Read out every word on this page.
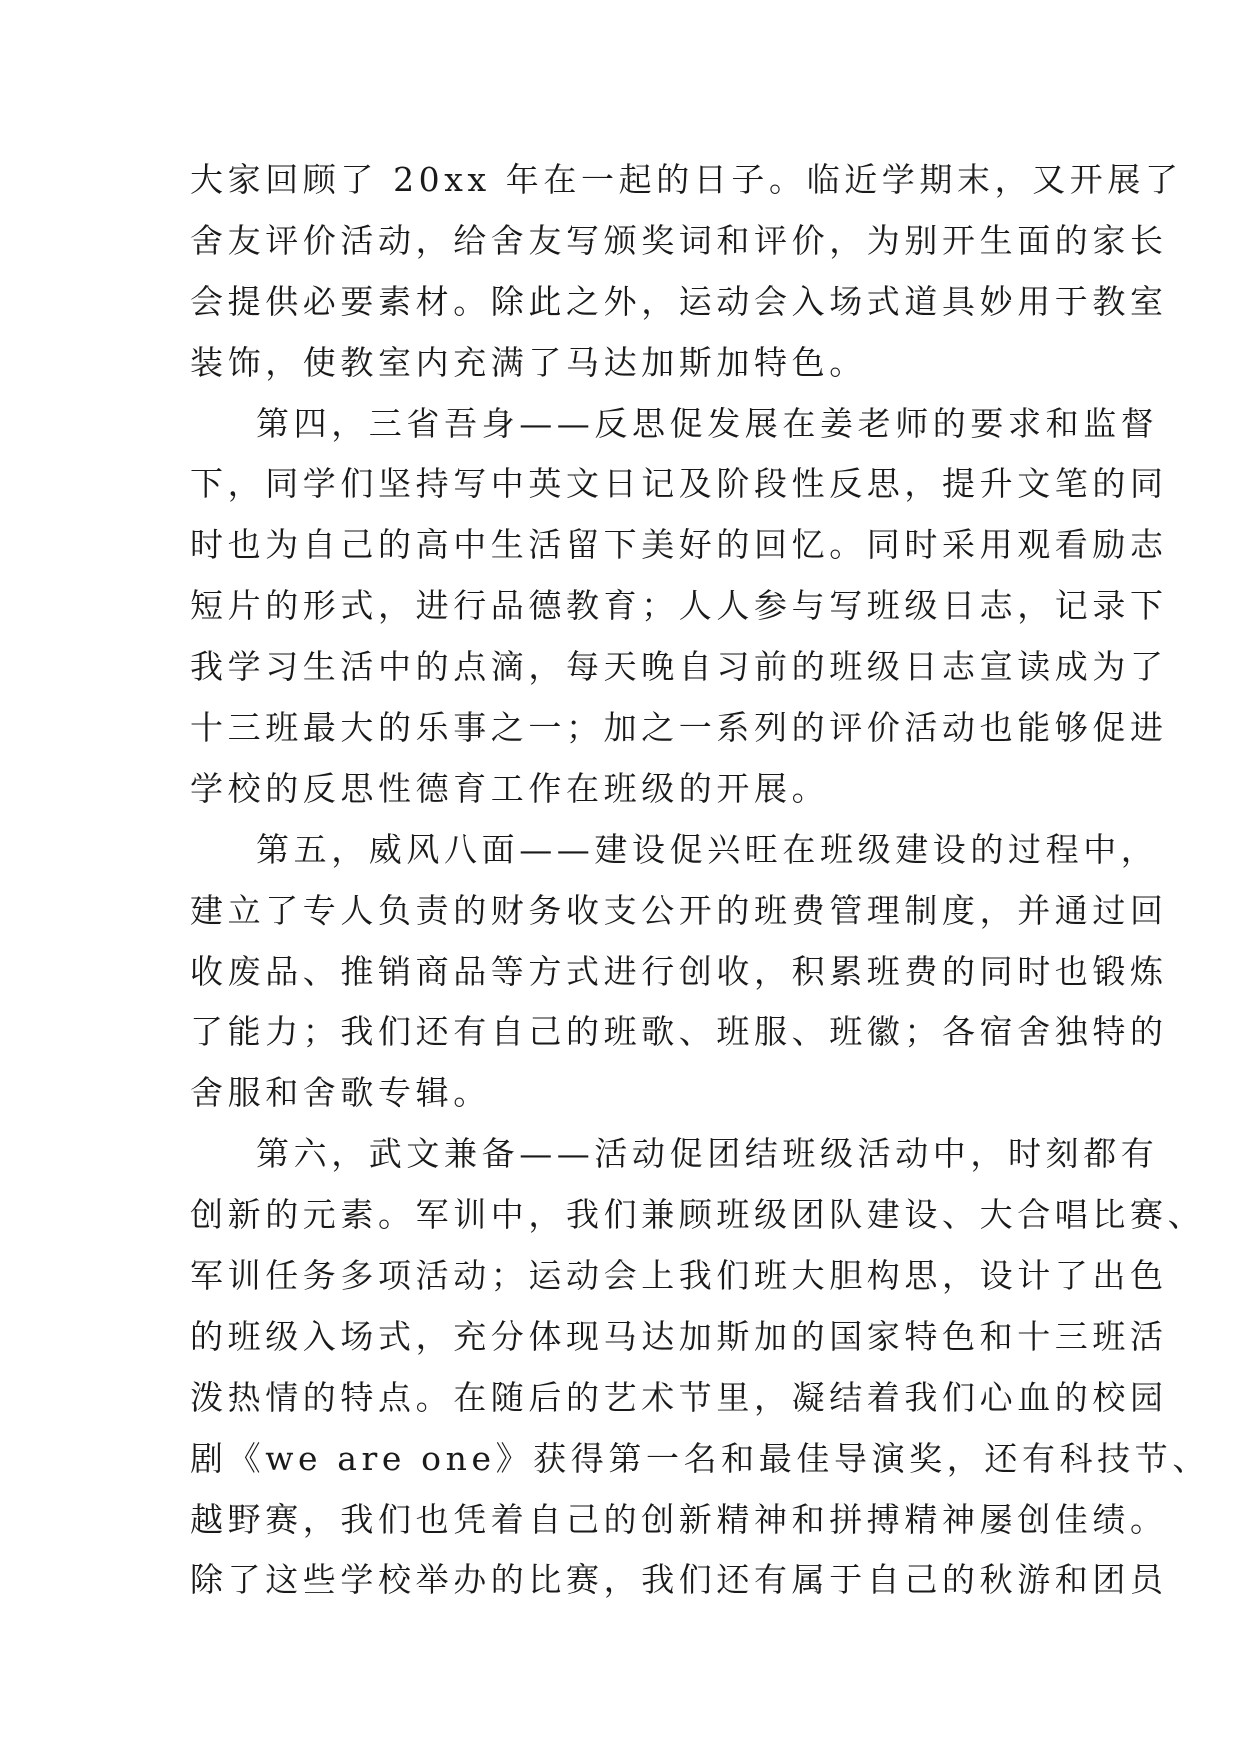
大家回顾了 20xx 年在一起的日子。临近学期末，又开展了
舍友评价活动，给舍友写颁奖词和评价，为别开生面的家长
会提供必要素材。除此之外，运动会入场式道具妙用于教室
装饰，使教室内充满了马达加斯加特色。
第四，三省吾身——反思促发展在姜老师的要求和监督
下，同学们坚持写中英文日记及阶段性反思，提升文笔的同
时也为自己的高中生活留下美好的回忆。同时采用观看励志
短片的形式，进行品德教育；人人参与写班级日志，记录下
我学习生活中的点滴，每天晚自习前的班级日志宣读成为了
十三班最大的乐事之一；加之一系列的评价活动也能够促进
学校的反思性德育工作在班级的开展。
第五，威风八面——建设促兴旺在班级建设的过程中，
建立了专人负责的财务收支公开的班费管理制度，并通过回
收废品、推销商品等方式进行创收，积累班费的同时也锻炼
了能力；我们还有自己的班歌、班服、班徽；各宿舍独特的
舍服和舍歌专辑。
第六，武文兼备——活动促团结班级活动中，时刻都有
创新的元素。军训中，我们兼顾班级团队建设、大合唱比赛、
军训任务多项活动；运动会上我们班大胆构思，设计了出色
的班级入场式，充分体现马达加斯加的国家特色和十三班活
泼热情的特点。在随后的艺术节里，凝结着我们心血的校园
剧《we are one》获得第一名和最佳导演奖，还有科技节、
越野赛，我们也凭着自己的创新精神和拼搏精神屡创佳绩。
除了这些学校举办的比赛，我们还有属于自己的秋游和团员
